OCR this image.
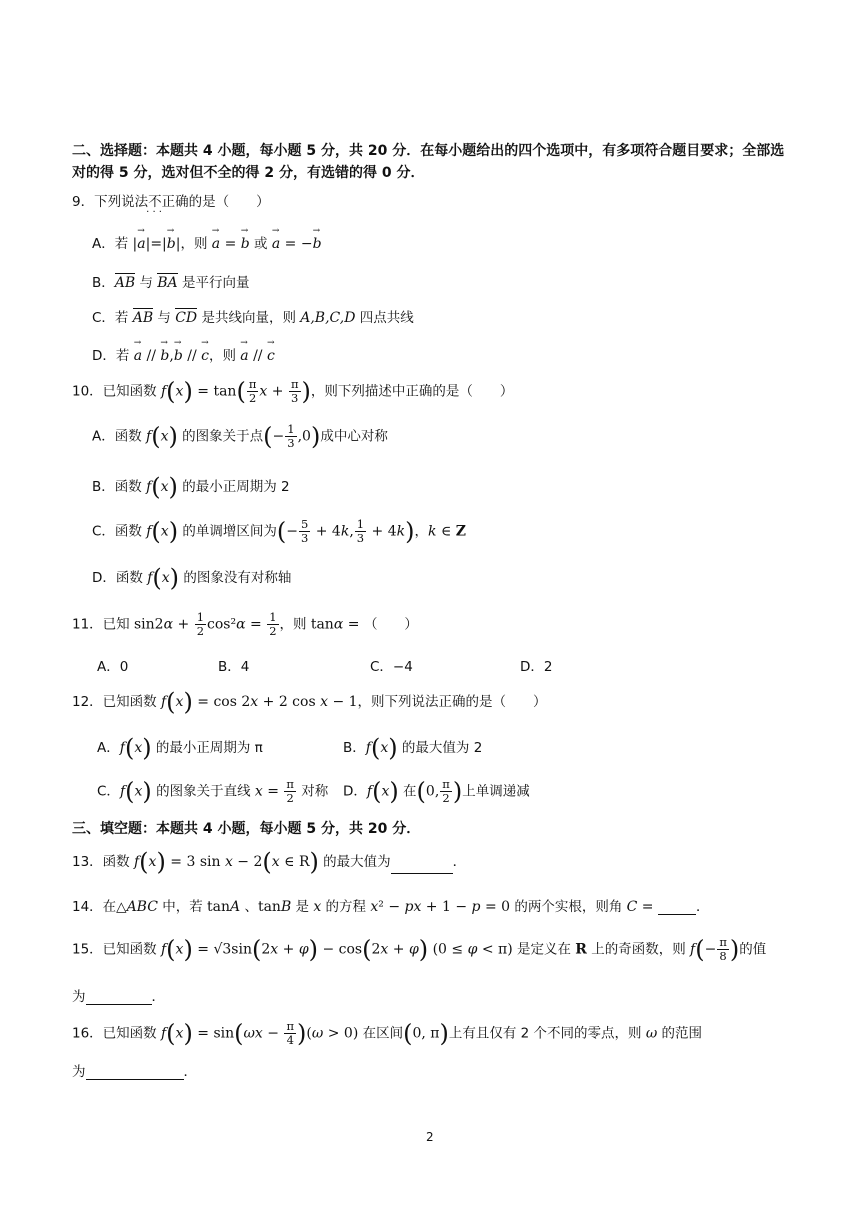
二、选择题：本题共 4 小题，每小题 5 分，共 20 分．在每小题给出的四个选项中，有多项符合题目要求；全部选对的得 5 分，选对但不全的得 2 分，有选错的得 0 分．
9．下列说法不正确 · · ·的是（　　）
A．若 |→ a|=|→ b|，则 → a = → b 或 → a = −→ b
B．AB 与 BA 是平行向量
C．若 AB 与 CD 是共线向量，则 A,B,C,D 四点共线
D．若 → a // → b,→ b // → c，则 → a // → c
10．已知函数 $f(x) = \tan( \frac{\pi}{2}$ $x + \frac{\pi}{3}$ )，则下列描述中正确的是（　　）
A．函数 f(x) 的图象关于点(− $\frac{1}{3} ,0$)成中心对称
B．函数 f(x) 的最小正周期为 2
C．函数 f(x) 的单调增区间为(− $\frac{5}{3} + 4k$, $\frac{1}{3} + 4k$)，k ∈ Z
D．函数 f(x) 的图象没有对称轴
11．已知 $\sin 2\alpha + \frac{1}{2} \cos^2\alpha = \frac{1}{2}$ ，则 tanα = （　　）
A．0	B．4	C．−4	D．2
12．已知函数 f(x) = cos 2x + 2 cos x − 1，则下列说法正确的是（　　）
A．f(x) 的最小正周期为 π	B．f(x) 的最大值为 2
C．f(x) 的图象关于直线 $x = \frac{\pi}{2}$ 对称 D．f(x) 在(0, $\frac{\pi}{2}$ )上单调递减
三、填空题：本题共 4 小题，每小题 5 分，共 20 分．
13．函数 f(x) = 3 sin x − 2(x ∈ R) 的最大值为	．
14．在△ABC 中，若 tanA 、tanB 是 x 的方程 x² − px + 1 − p = 0 的两个实根，则角 C =	．
15．已知函数 f(x) = √3sin(2x + φ) − cos(2x + φ) (0 ≤ φ < π) 是定义在 R 上的奇函数，则 $f(- \frac{\pi}{8}$ )的值
为	．
16．已知函数 $f(x) = \sin(\omega x - \frac{\pi}{4} )(\omega > 0)$ 在区间(0, π)上有且仅有 2 个不同的零点，则 ω 的范围
为	．
2
